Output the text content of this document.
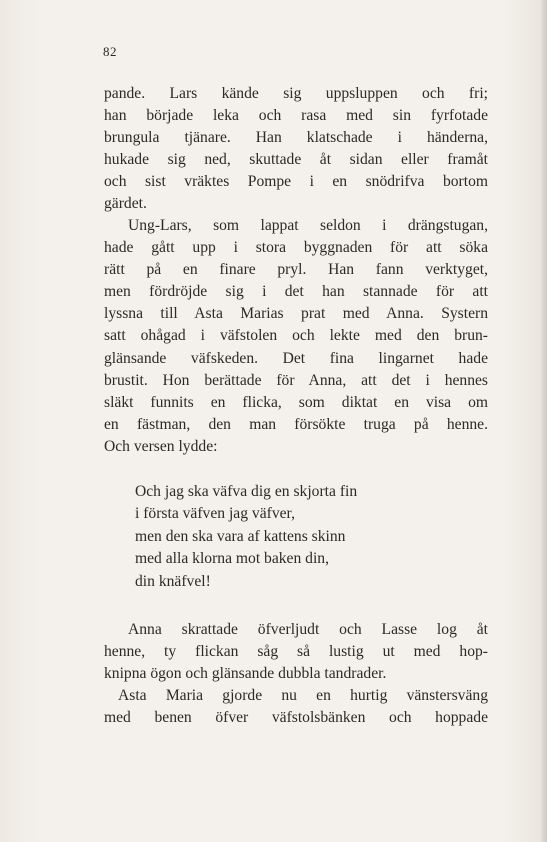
82
pande. Lars kände sig uppsluppen och fri;
han började leka och rasa med sin fyrfotade
brungula tjänare. Han klatschade i händerna,
hukade sig ned, skuttade åt sidan eller framåt
och sist vräktes Pompe i en snödrifva bortom
gärdet.
Ung-Lars, som lappat seldon i drängstugan,
hade gått upp i stora byggnaden för att söka
rätt på en finare pryl. Han fann verktyget,
men fördröjde sig i det han stannade för att
lyssna till Asta Marias prat med Anna. Systern
satt ohågad i väfstolen och lekte med den brun-
glänsande väfskeden. Det fina lingarnet hade
brustit. Hon berättade för Anna, att det i hennes
släkt funnits en flicka, som diktat en visa om
en fästman, den man försökte truga på henne.
Och versen lydde:
Och jag ska väfva dig en skjorta fin
i första väfven jag väfver,
men den ska vara af kattens skinn
med alla klorna mot baken din,
din knäfvel!
Anna skrattade öfverljudt och Lasse log åt
henne, ty flickan såg så lustig ut med hop-
knipna ögon och glänsande dubbla tandrader.
Asta Maria gjorde nu en hurtig vänstersväng
med benen öfver väfstolsbänken och hoppade
